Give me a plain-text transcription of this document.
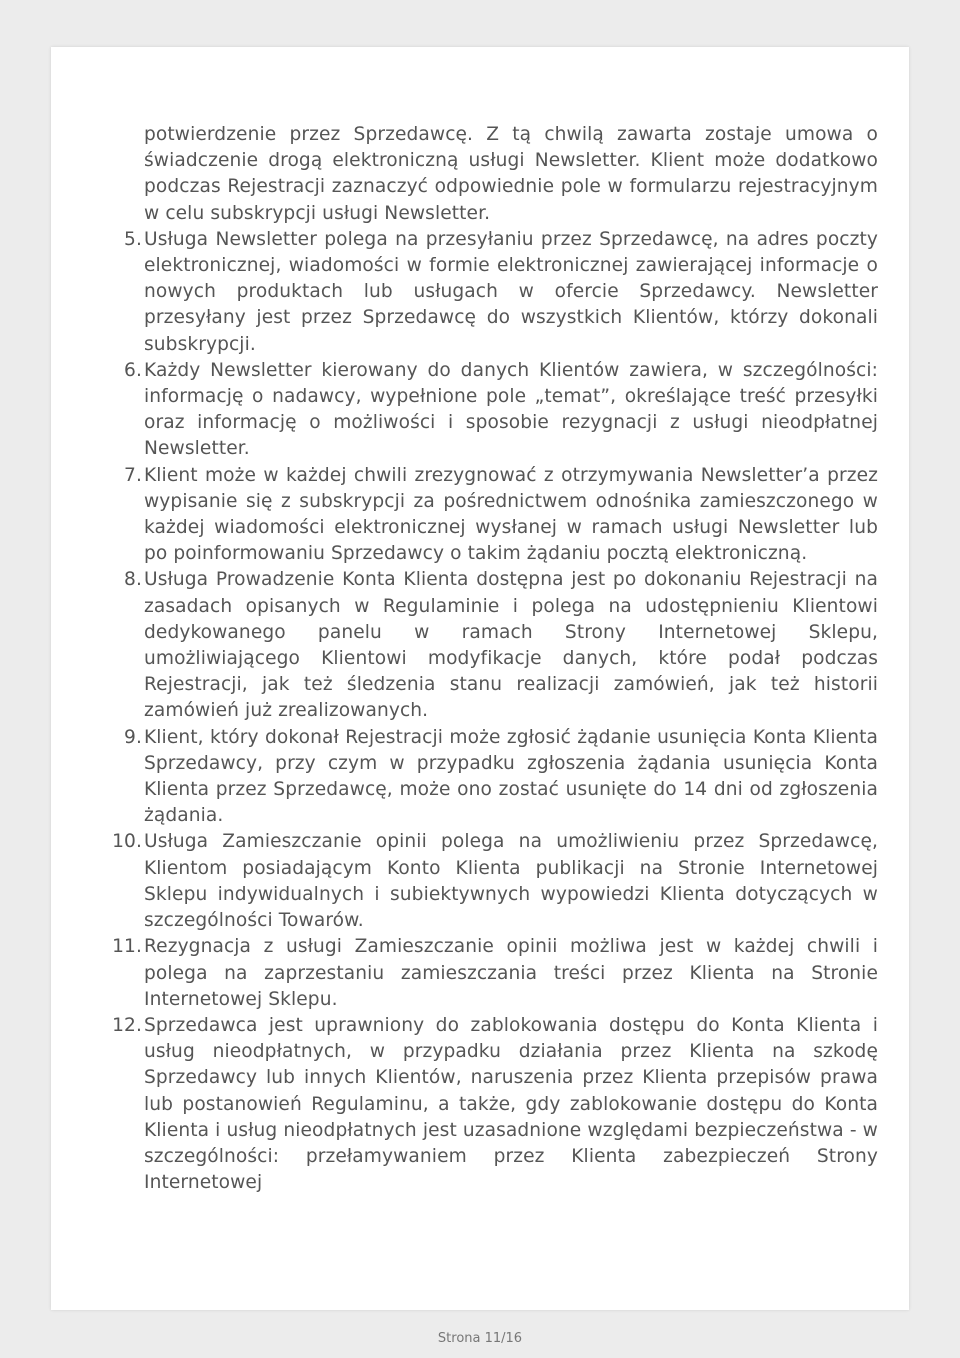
potwierdzenie przez Sprzedawcę. Z tą chwilą zawarta zostaje umowa o świadczenie drogą elektroniczną usługi Newsletter. Klient może dodatkowo podczas Rejestracji zaznaczyć odpowiednie pole w formularzu rejestracyjnym w celu subskrypcji usługi Newsletter.

5. Usługa Newsletter polega na przesyłaniu przez Sprzedawcę, na adres poczty elektronicznej, wiadomości w formie elektronicznej zawierającej informacje o nowych produktach lub usługach w ofercie Sprzedawcy. Newsletter przesyłany jest przez Sprzedawcę do wszystkich Klientów, którzy dokonali subskrypcji.
6. Każdy Newsletter kierowany do danych Klientów zawiera, w szczególności: informację o nadawcy, wypełnione pole „temat”, określające treść przesyłki oraz informację o możliwości i sposobie rezygnacji z usługi nieodpłatnej Newsletter.
7. Klient może w każdej chwili zrezygnować z otrzymywania Newsletter’a przez wypisanie się z subskrypcji za pośrednictwem odnośnika zamieszczonego w każdej wiadomości elektronicznej wysłanej w ramach usługi Newsletter lub po poinformowaniu Sprzedawcy o takim żądaniu pocztą elektroniczną.
8. Usługa Prowadzenie Konta Klienta dostępna jest po dokonaniu Rejestracji na zasadach opisanych w Regulaminie i polega na udostępnieniu Klientowi dedykowanego panelu w ramach Strony Internetowej Sklepu, umożliwiającego Klientowi modyfikacje danych, które podał podczas Rejestracji, jak też śledzenia stanu realizacji zamówień, jak też historii zamówień już zrealizowanych.
9. Klient, który dokonał Rejestracji może zgłosić żądanie usunięcia Konta Klienta Sprzedawcy, przy czym w przypadku zgłoszenia żądania usunięcia Konta Klienta przez Sprzedawcę, może ono zostać usunięte do 14 dni od zgłoszenia żądania.
10. Usługa Zamieszczanie opinii polega na umożliwieniu przez Sprzedawcę, Klientom posiadającym Konto Klienta publikacji na Stronie Internetowej Sklepu indywidualnych i subiektywnych wypowiedzi Klienta dotyczących w szczególności Towarów.
11. Rezygnacja z usługi Zamieszczanie opinii możliwa jest w każdej chwili i polega na zaprzestaniu zamieszczania treści przez Klienta na Stronie Internetowej Sklepu.
12. Sprzedawca jest uprawniony do zablokowania dostępu do Konta Klienta i usług nieodpłatnych, w przypadku działania przez Klienta na szkodę Sprzedawcy lub innych Klientów, naruszenia przez Klienta przepisów prawa lub postanowień Regulaminu, a także, gdy zablokowanie dostępu do Konta Klienta i usług nieodpłatnych jest uzasadnione względami bezpieczeństwa - w szczególności: przełamywaniem przez Klienta zabezpieczeń Strony Internetowej
Strona 11/16
